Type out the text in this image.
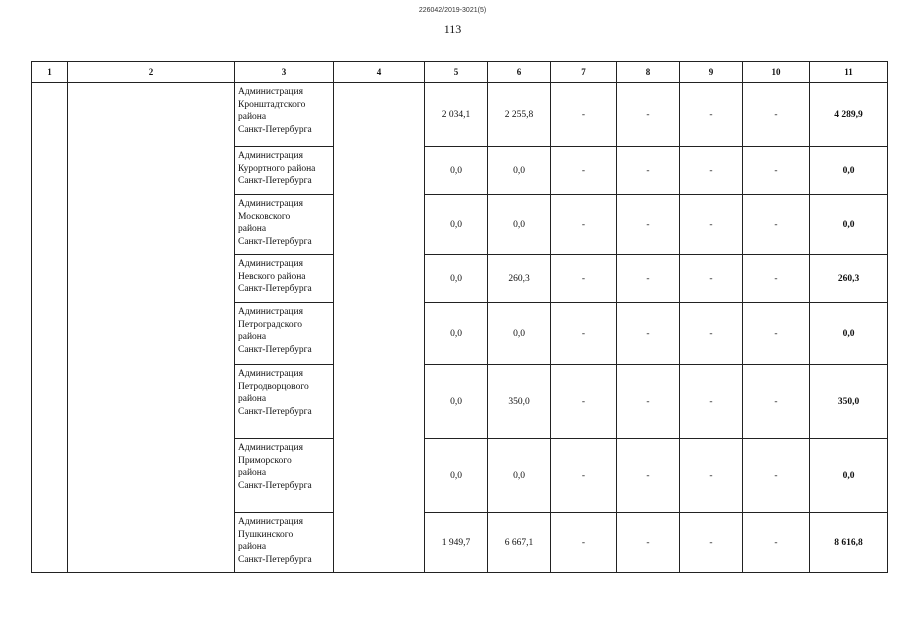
226042/2019-3021(5)
113
1	2	3	4	5	6	7	8	9	10	11
		Администрация
Кронштадтского
района
Санкт-Петербурга		2 034,1	2 255,8	-	-	-	-	4 289,9
		Администрация
Курортного района
Санкт-Петербурга		0,0	0,0	-	-	-	-	0,0
		Администрация
Московского
района
Санкт-Петербурга		0,0	0,0	-	-	-	-	0,0
		Администрация
Невского района
Санкт-Петербурга		0,0	260,3	-	-	-	-	260,3
		Администрация
Петроградского
района
Санкт-Петербурга		0,0	0,0	-	-	-	-	0,0
		Администрация
Петродворцового
района
Санкт-Петербурга		0,0	350,0	-	-	-	-	350,0
		Администрация
Приморского
района
Санкт-Петербурга		0,0	0,0	-	-	-	-	0,0
		Администрация
Пушкинского
района
Санкт-Петербурга		1 949,7	6 667,1	-	-	-	-	8 616,8
